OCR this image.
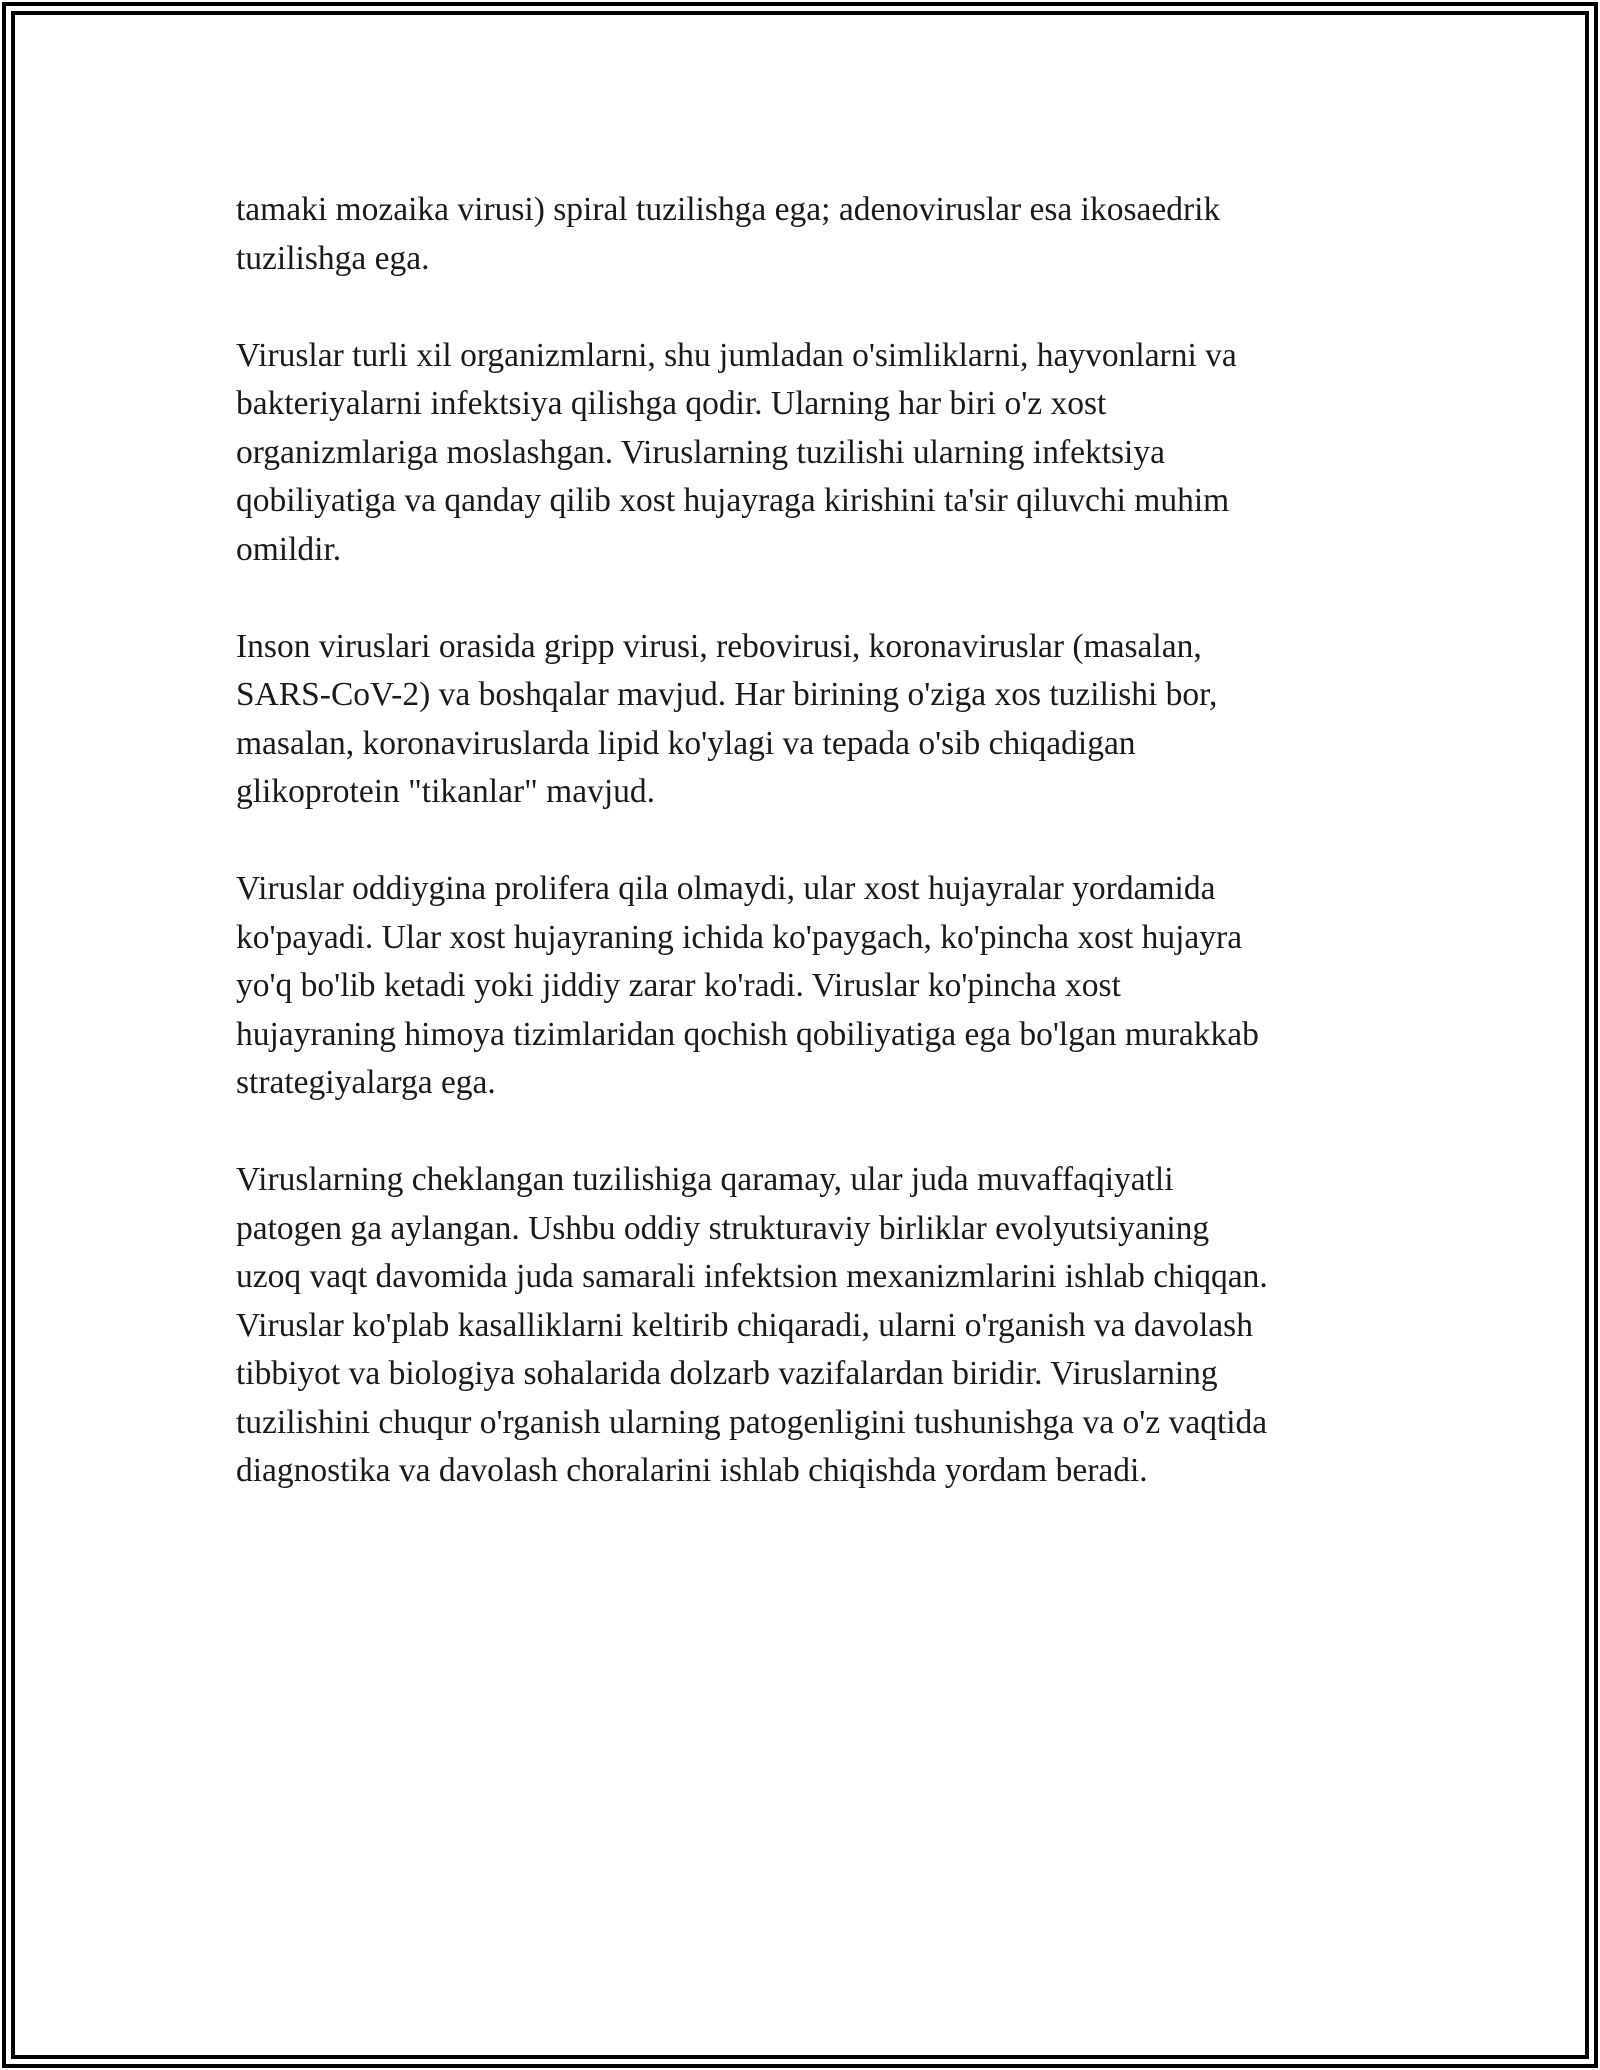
tamaki mozaika virusi) spiral tuzilishga ega; adenoviruslar esa ikosaedrik
tuzilishga ega.

Viruslar turli xil organizmlarni, shu jumladan o'simliklarni, hayvonlarni va
bakteriyalarni infektsiya qilishga qodir. Ularning har biri o'z xost
organizmlariga moslashgan. Viruslarning tuzilishi ularning infektsiya
qobiliyatiga va qanday qilib xost hujayraga kirishini ta'sir qiluvchi muhim
omildir.

Inson viruslari orasida gripp virusi, rebovirusi, koronaviruslar (masalan,
SARS-CoV-2) va boshqalar mavjud. Har birining o'ziga xos tuzilishi bor,
masalan, koronaviruslarda lipid ko'ylagi va tepada o'sib chiqadigan
glikoprotein "tikanlar" mavjud.

Viruslar oddiygina prolifera qila olmaydi, ular xost hujayralar yordamida
ko'payadi. Ular xost hujayraning ichida ko'paygach, ko'pincha xost hujayra
yo'q bo'lib ketadi yoki jiddiy zarar ko'radi. Viruslar ko'pincha xost
hujayraning himoya tizimlaridan qochish qobiliyatiga ega bo'lgan murakkab
strategiyalarga ega.

Viruslarning cheklangan tuzilishiga qaramay, ular juda muvaffaqiyatli
patogen ga aylangan. Ushbu oddiy strukturaviy birliklar evolyutsiyaning
uzoq vaqt davomida juda samarali infektsion mexanizmlarini ishlab chiqqan.
Viruslar ko'plab kasalliklarni keltirib chiqaradi, ularni o'rganish va davolash
tibbiyot va biologiya sohalarida dolzarb vazifalardan biridir. Viruslarning
tuzilishini chuqur o'rganish ularning patogenligini tushunishga va o'z vaqtida
diagnostika va davolash choralarini ishlab chiqishda yordam beradi.
